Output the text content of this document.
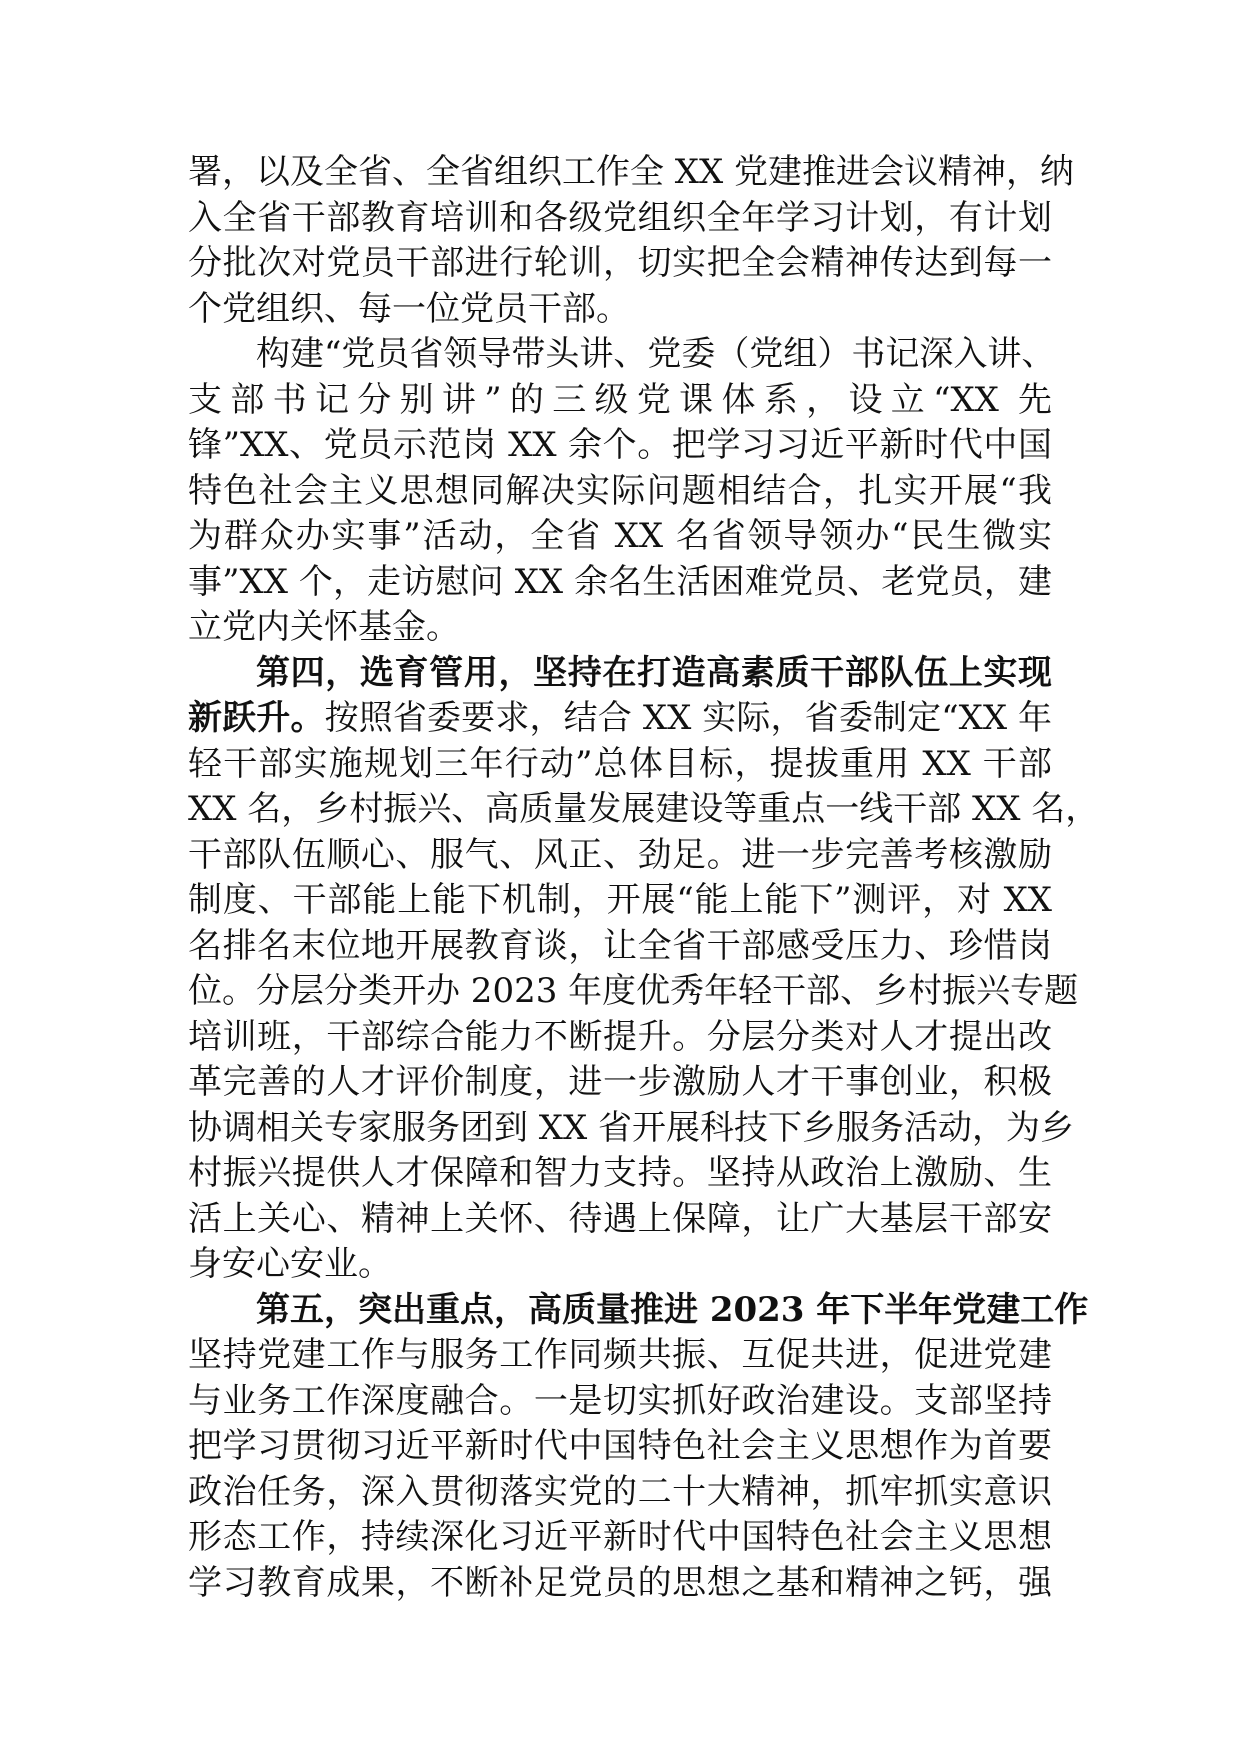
署，以及全省、全省组织工作全 XX 党建推进会议精神，纳
入全省干部教育培训和各级党组织全年学习计划，有计划
分批次对党员干部进行轮训，切实把全会精神传达到每一
个党组织、每一位党员干部。
构建“党员省领导带头讲、党委（党组）书记深入讲、
支部书记分别讲”的三级党课体系，设立“XX 先
锋”XX、党员示范岗 XX 余个。把学习习近平新时代中国
特色社会主义思想同解决实际问题相结合，扎实开展“我
为群众办实事”活动，全省 XX 名省领导领办“民生微实
事”XX 个，走访慰问 XX 余名生活困难党员、老党员，建
立党内关怀基金。
第四，选育管用，坚持在打造高素质干部队伍上实现
新跃升。按照省委要求，结合 XX 实际，省委制定“XX 年
轻干部实施规划三年行动”总体目标，提拔重用 XX 干部
XX 名，乡村振兴、高质量发展建设等重点一线干部 XX 名，
干部队伍顺心、服气、风正、劲足。进一步完善考核激励
制度、干部能上能下机制，开展“能上能下”测评，对 XX
名排名末位地开展教育谈，让全省干部感受压力、珍惜岗
位。分层分类开办 2023 年度优秀年轻干部、乡村振兴专题
培训班，干部综合能力不断提升。分层分类对人才提出改
革完善的人才评价制度，进一步激励人才干事创业，积极
协调相关专家服务团到 XX 省开展科技下乡服务活动，为乡
村振兴提供人才保障和智力支持。坚持从政治上激励、生
活上关心、精神上关怀、待遇上保障，让广大基层干部安
身安心安业。
第五，突出重点，高质量推进 2023 年下半年党建工作
坚持党建工作与服务工作同频共振、互促共进，促进党建
与业务工作深度融合。一是切实抓好政治建设。支部坚持
把学习贯彻习近平新时代中国特色社会主义思想作为首要
政治任务，深入贯彻落实党的二十大精神，抓牢抓实意识
形态工作，持续深化习近平新时代中国特色社会主义思想
学习教育成果，不断补足党员的思想之基和精神之钙，强
